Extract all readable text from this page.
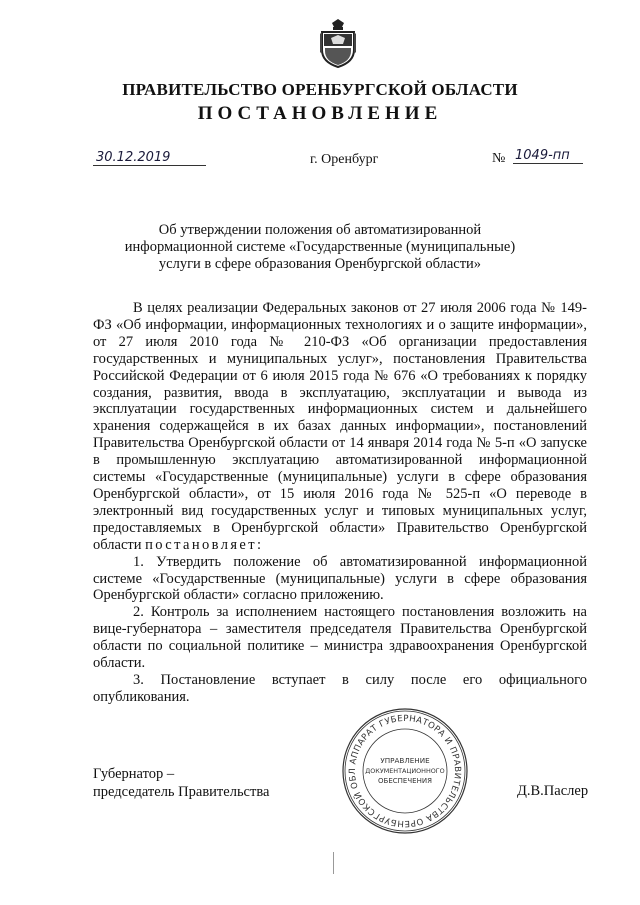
ПРАВИТЕЛЬСТВО ОРЕНБУРГСКОЙ ОБЛАСТИ
ПОСТАНОВЛЕНИЕ
30.12.2019	г. Оренбург	№ 1049-пп
Об утверждении положения об автоматизированной информационной системе «Государственные (муниципальные) услуги в сфере образования Оренбургской области»

В целях реализации Федеральных законов от 27 июля 2006 года № 149-ФЗ «Об информации, информационных технологиях и о защите информации», от 27 июля 2010 года № 210-ФЗ «Об организации предоставления государственных и муниципальных услуг», постановления Правительства Российской Федерации от 6 июля 2015 года № 676 «О требованиях к порядку создания, развития, ввода в эксплуатацию, эксплуатации и вывода из эксплуатации государственных информационных систем и дальнейшего хранения содержащейся в их базах данных информации», постановлений Правительства Оренбургской области от 14 января 2014 года № 5-п «О запуске в промышленную эксплуатацию автоматизированной информационной системы «Государственные (муниципальные) услуги в сфере образования Оренбургской области», от 15 июля 2016 года № 525-п «О переводе в электронный вид государственных услуг и типовых муниципальных услуг, предоставляемых в Оренбургской области» Правительство Оренбургской области постановляет:

1. Утвердить положение об автоматизированной информационной системе «Государственные (муниципальные) услуги в сфере образования Оренбургской области» согласно приложению.

2. Контроль за исполнением настоящего постановления возложить на вице-губернатора – заместителя председателя Правительства Оренбургской области по социальной политике – министра здравоохранения Оренбургской области.

3. Постановление вступает в силу после его официального опубликования.

Губернатор –
председатель Правительства	Д.В.Паслер
АППАРАТ ГУБЕРНАТОРА И ПРАВИТЕЛЬСТВА ОРЕНБУРГСКОЙ ОБЛ
УПРАВЛЕНИЕ
ДОКУМЕНТАЦИОННОГО
ОБЕСПЕЧЕНИЯ
